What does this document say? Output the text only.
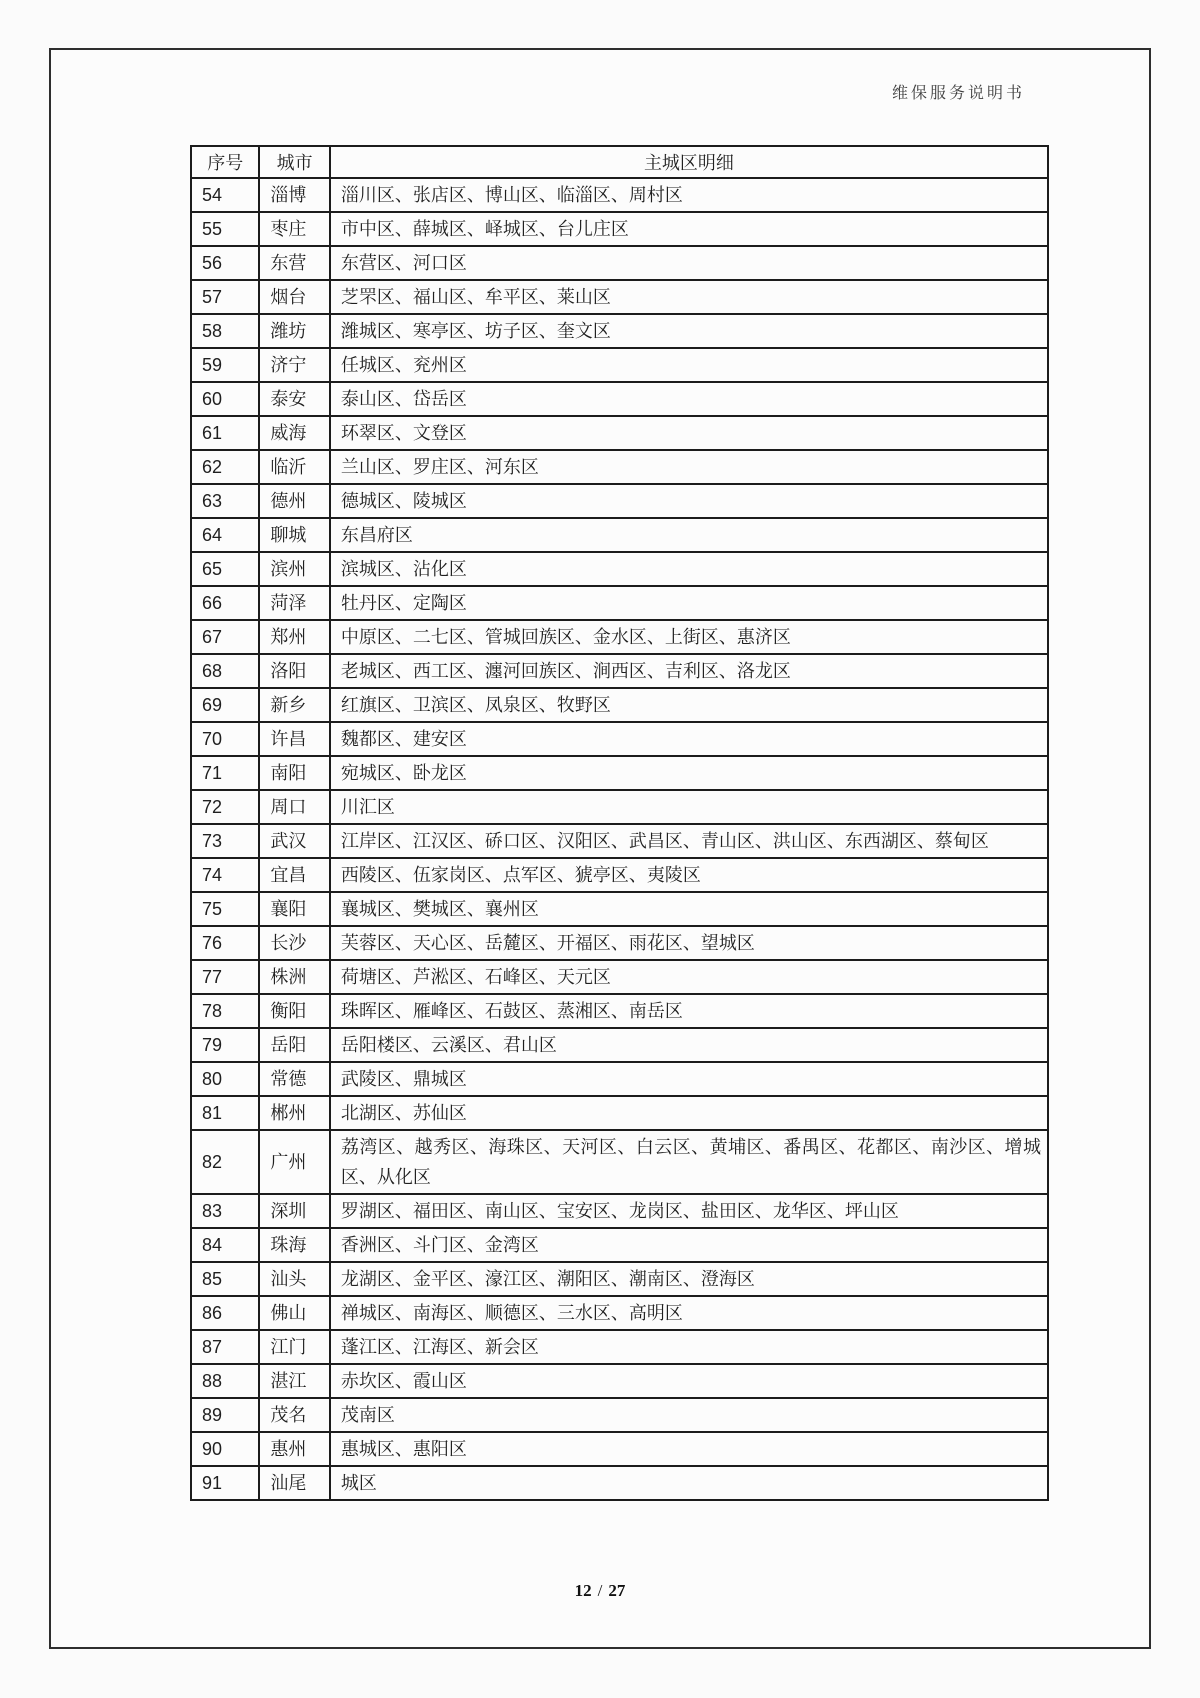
维保服务说明书
序号	城市	主城区明细
54	淄博	淄川区、张店区、博山区、临淄区、周村区
55	枣庄	市中区、薛城区、峄城区、台儿庄区
56	东营	东营区、河口区
57	烟台	芝罘区、福山区、牟平区、莱山区
58	潍坊	潍城区、寒亭区、坊子区、奎文区
59	济宁	任城区、兖州区
60	泰安	泰山区、岱岳区
61	威海	环翠区、文登区
62	临沂	兰山区、罗庄区、河东区
63	德州	德城区、陵城区
64	聊城	东昌府区
65	滨州	滨城区、沾化区
66	菏泽	牡丹区、定陶区
67	郑州	中原区、二七区、管城回族区、金水区、上街区、惠济区
68	洛阳	老城区、西工区、瀍河回族区、涧西区、吉利区、洛龙区
69	新乡	红旗区、卫滨区、凤泉区、牧野区
70	许昌	魏都区、建安区
71	南阳	宛城区、卧龙区
72	周口	川汇区
73	武汉	江岸区、江汉区、硚口区、汉阳区、武昌区、青山区、洪山区、东西湖区、蔡甸区
74	宜昌	西陵区、伍家岗区、点军区、猇亭区、夷陵区
75	襄阳	襄城区、樊城区、襄州区
76	长沙	芙蓉区、天心区、岳麓区、开福区、雨花区、望城区
77	株洲	荷塘区、芦淞区、石峰区、天元区
78	衡阳	珠晖区、雁峰区、石鼓区、蒸湘区、南岳区
79	岳阳	岳阳楼区、云溪区、君山区
80	常德	武陵区、鼎城区
81	郴州	北湖区、苏仙区
82	广州	荔湾区、越秀区、海珠区、天河区、白云区、黄埔区、番禺区、花都区、南沙区、增城区、从化区
83	深圳	罗湖区、福田区、南山区、宝安区、龙岗区、盐田区、龙华区、坪山区
84	珠海	香洲区、斗门区、金湾区
85	汕头	龙湖区、金平区、濠江区、潮阳区、潮南区、澄海区
86	佛山	禅城区、南海区、顺德区、三水区、高明区
87	江门	蓬江区、江海区、新会区
88	湛江	赤坎区、霞山区
89	茂名	茂南区
90	惠州	惠城区、惠阳区
91	汕尾	城区
12 / 27
